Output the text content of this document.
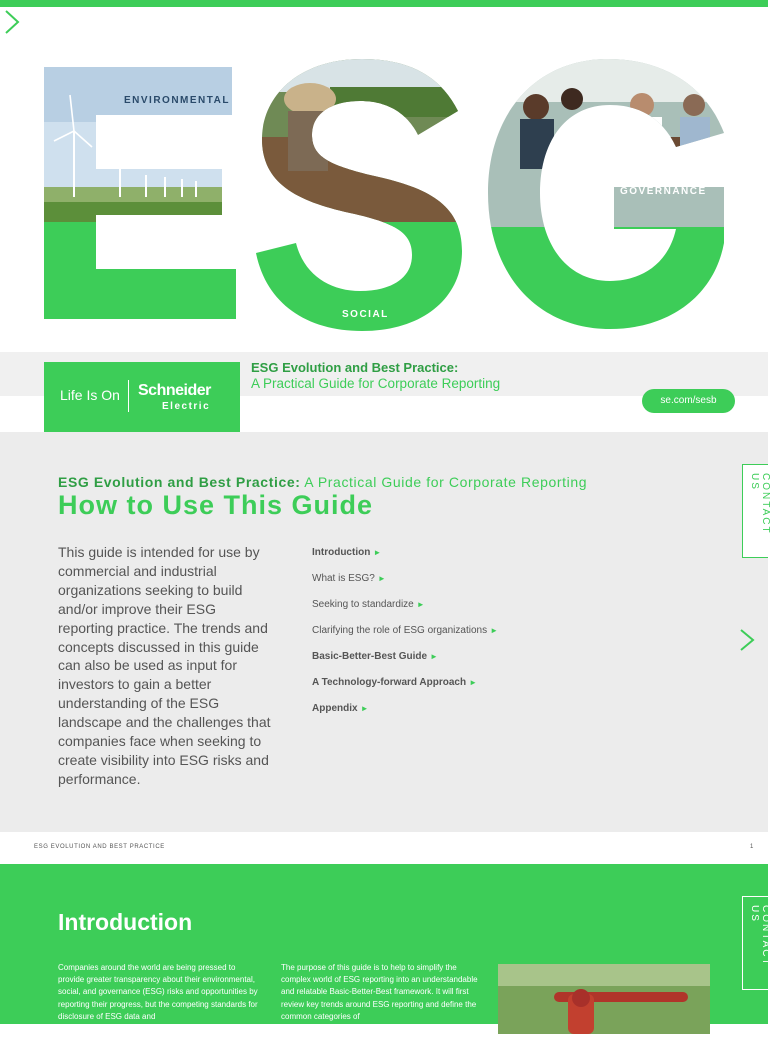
ENVIRONMENTAL
SOCIAL
GOVERNANCE
Life Is On Schneider
Electric
ESG Evolution and Best Practice:
A Practical Guide for Corporate Reporting
se.com/sesb
ESG Evolution and Best Practice: A Practical Guide for Corporate Reporting
How to Use This Guide

This guide is intended for use by commercial and industrial organizations seeking to build and/or improve their ESG reporting practice. The trends and concepts discussed in this guide can also be used as input for investors to gain a better understanding of the ESG landscape and the challenges that companies face when seeking to create visibility into ESG risks and performance.

Introduction ►
What is ESG? ►
Seeking to standardize ►
Clarifying the role of ESG organizations ►
Basic-Better-Best Guide ►
A Technology-forward Approach ►
Appendix ►
CONTACT US
ESG EVOLUTION AND BEST PRACTICE	1
Introduction

Companies around the world are being pressed to provide greater transparency about their environmental, social, and governance (ESG) risks and opportunities by reporting their progress, but the competing standards for disclosure of ESG data and

The purpose of this guide is to help to simplify the complex world of ESG reporting into an understandable and relatable Basic-Better-Best framework. It will first review key trends around ESG reporting and define the common categories of

CONTACT US
